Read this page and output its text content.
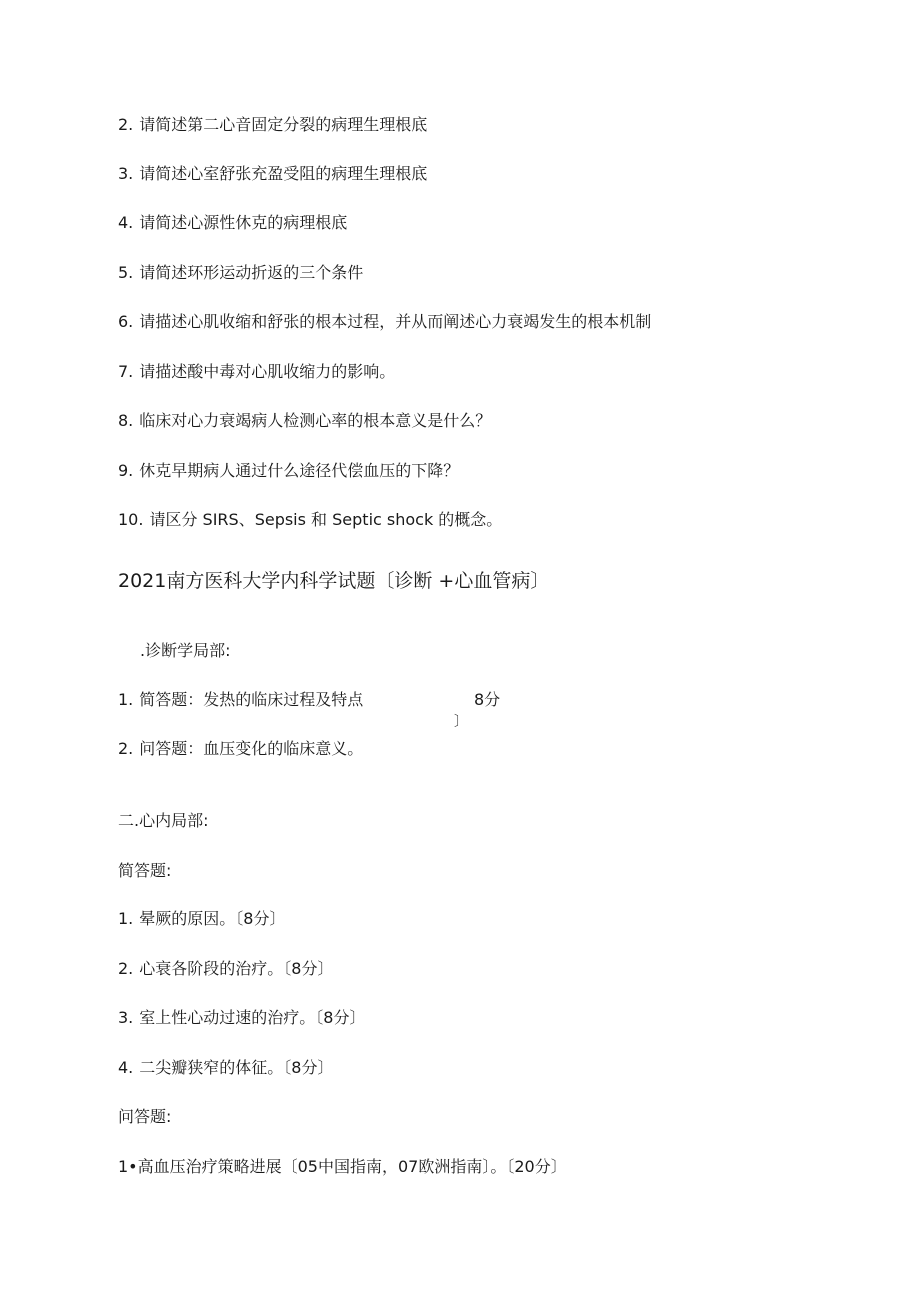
2. 请简述第二心音固定分裂的病理生理根底
3. 请简述心室舒张充盈受阻的病理生理根底
4. 请简述心源性休克的病理根底
5. 请简述环形运动折返的三个条件
6. 请描述心肌收缩和舒张的根本过程，并从而阐述心力衰竭发生的根本机制
7. 请描述酸中毒对心肌收缩力的影响。
8. 临床对心力衰竭病人检测心率的根本意义是什么？
9. 休克早期病人通过什么途径代偿血压的下降？
10. 请区分 SIRS、Sepsis 和 Septic shock 的概念。
2021南方医科大学内科学试题〔诊断 +心血管病〕
.诊断学局部:
1. 简答题：发热的临床过程及特点	8分
〕
2. 问答题：血压变化的临床意义。
二.心内局部:
简答题:
1. 晕厥的原因。〔8分〕
2. 心衰各阶段的治疗。〔8分〕
3. 室上性心动过速的治疗。〔8分〕
4. 二尖瓣狭窄的体征。〔8分〕
问答题:
1•高血压治疗策略进展〔05中国指南，07欧洲指南〕。〔20分〕
